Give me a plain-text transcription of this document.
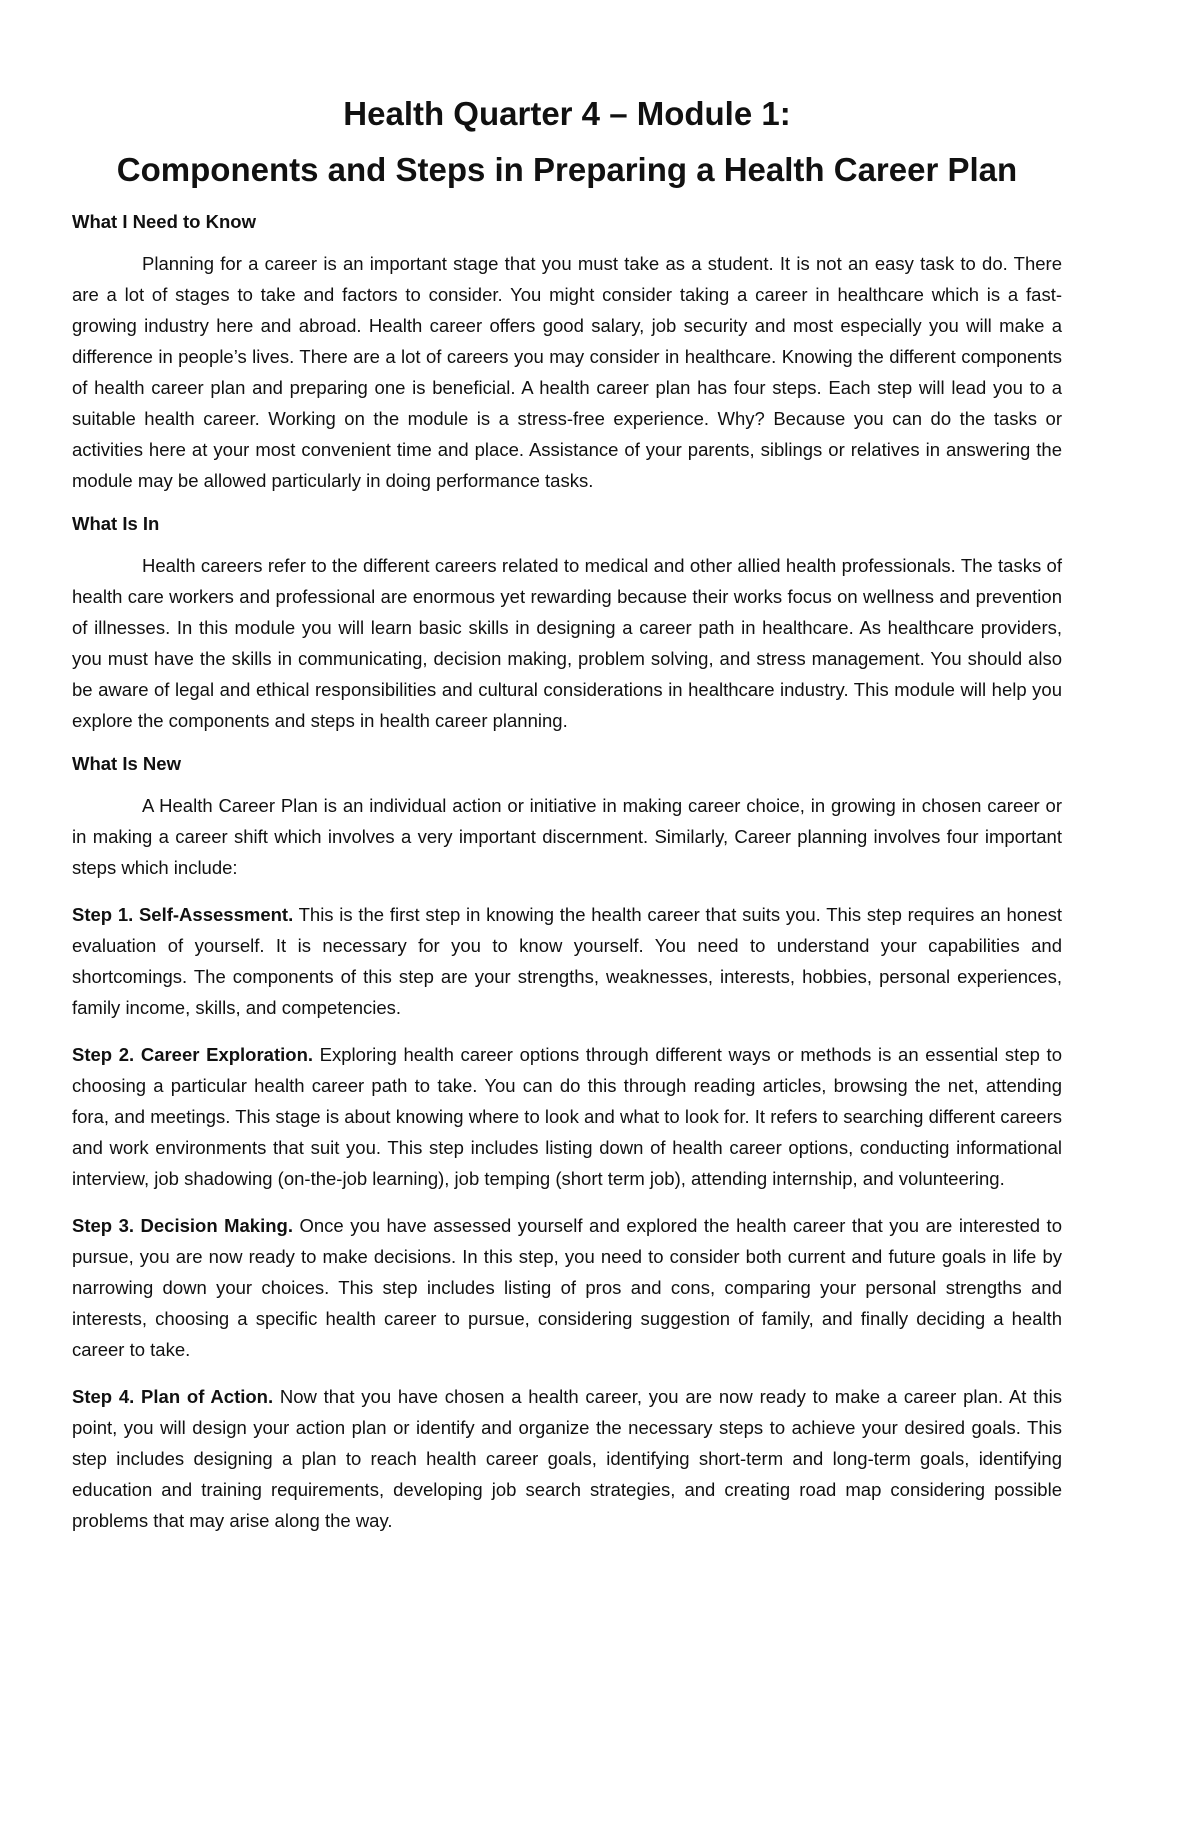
Health Quarter 4 – Module 1:
Components and Steps in Preparing a Health Career Plan
What I Need to Know

Planning for a career is an important stage that you must take as a student. It is not an easy task to do. There are a lot of stages to take and factors to consider. You might consider taking a career in healthcare which is a fast-growing industry here and abroad. Health career offers good salary, job security and most especially you will make a difference in people’s lives. There are a lot of careers you may consider in healthcare. Knowing the different components of health career plan and preparing one is beneficial. A health career plan has four steps. Each step will lead you to a suitable health career. Working on the module is a stress-free experience. Why? Because you can do the tasks or activities here at your most convenient time and place. Assistance of your parents, siblings or relatives in answering the module may be allowed particularly in doing performance tasks.

What Is In

Health careers refer to the different careers related to medical and other allied health professionals. The tasks of health care workers and professional are enormous yet rewarding because their works focus on wellness and prevention of illnesses. In this module you will learn basic skills in designing a career path in healthcare. As healthcare providers, you must have the skills in communicating, decision making, problem solving, and stress management. You should also be aware of legal and ethical responsibilities and cultural considerations in healthcare industry. This module will help you explore the components and steps in health career planning.

What Is New

A Health Career Plan is an individual action or initiative in making career choice, in growing in chosen career or in making a career shift which involves a very important discernment. Similarly, Career planning involves four important steps which include:

Step 1. Self-Assessment. This is the first step in knowing the health career that suits you. This step requires an honest evaluation of yourself. It is necessary for you to know yourself. You need to understand your capabilities and shortcomings. The components of this step are your strengths, weaknesses, interests, hobbies, personal experiences, family income, skills, and competencies.

Step 2. Career Exploration. Exploring health career options through different ways or methods is an essential step to choosing a particular health career path to take. You can do this through reading articles, browsing the net, attending fora, and meetings. This stage is about knowing where to look and what to look for. It refers to searching different careers and work environments that suit you. This step includes listing down of health career options, conducting informational interview, job shadowing (on-the-job learning), job temping (short term job), attending internship, and volunteering.

Step 3. Decision Making. Once you have assessed yourself and explored the health career that you are interested to pursue, you are now ready to make decisions. In this step, you need to consider both current and future goals in life by narrowing down your choices. This step includes listing of pros and cons, comparing your personal strengths and interests, choosing a specific health career to pursue, considering suggestion of family, and finally deciding a health career to take.

Step 4. Plan of Action. Now that you have chosen a health career, you are now ready to make a career plan. At this point, you will design your action plan or identify and organize the necessary steps to achieve your desired goals. This step includes designing a plan to reach health career goals, identifying short-term and long-term goals, identifying education and training requirements, developing job search strategies, and creating road map considering possible problems that may arise along the way.
